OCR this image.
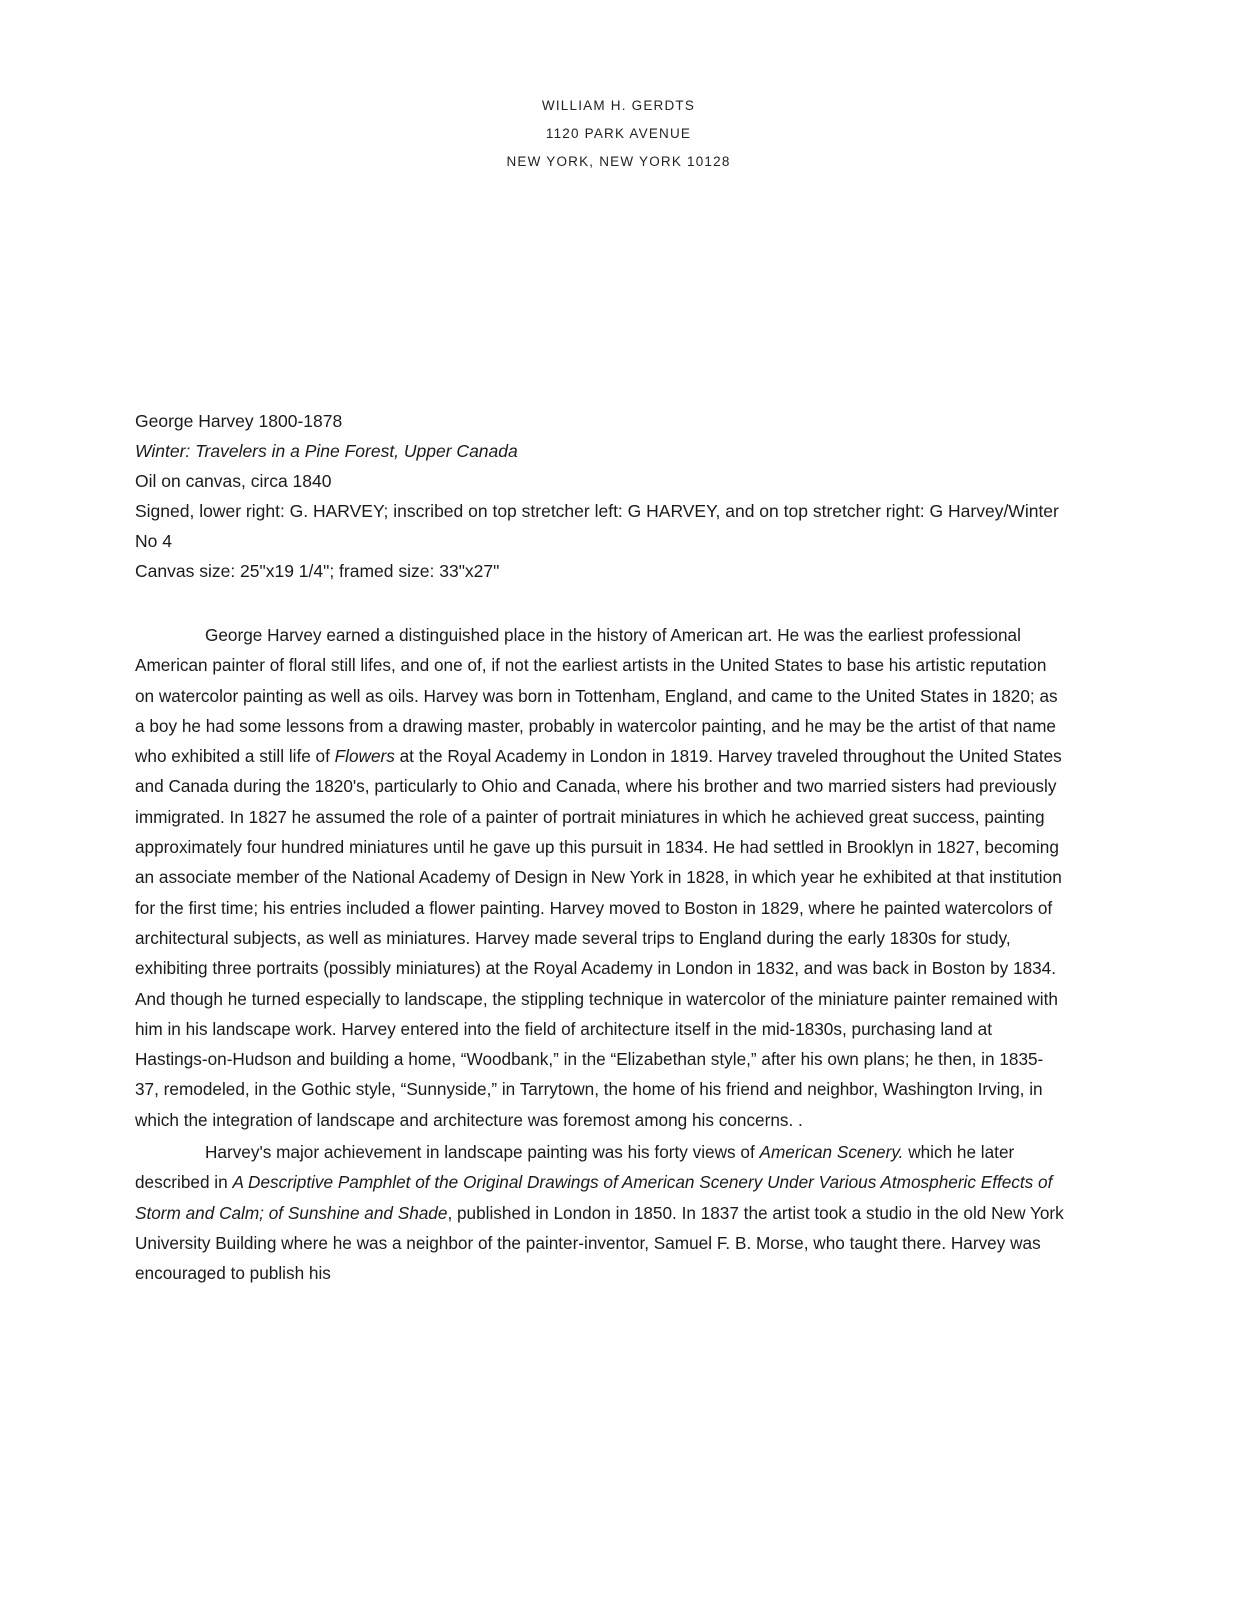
WILLIAM H. GERDTS
1120 PARK AVENUE
NEW YORK, NEW YORK 10128
George Harvey 1800-1878
Winter: Travelers in a Pine Forest, Upper Canada
Oil on canvas, circa 1840
Signed, lower right: G. HARVEY; inscribed on top stretcher left: G HARVEY, and on top stretcher right: G Harvey/Winter No 4
Canvas size: 25"x19 1/4"; framed size: 33"x27"

George Harvey earned a distinguished place in the history of American art. He was the earliest professional American painter of floral still lifes, and one of, if not the earliest artists in the United States to base his artistic reputation on watercolor painting as well as oils. Harvey was born in Tottenham, England, and came to the United States in 1820; as a boy he had some lessons from a drawing master, probably in watercolor painting, and he may be the artist of that name who exhibited a still life of Flowers at the Royal Academy in London in 1819. Harvey traveled throughout the United States and Canada during the 1820's, particularly to Ohio and Canada, where his brother and two married sisters had previously immigrated. In 1827 he assumed the role of a painter of portrait miniatures in which he achieved great success, painting approximately four hundred miniatures until he gave up this pursuit in 1834. He had settled in Brooklyn in 1827, becoming an associate member of the National Academy of Design in New York in 1828, in which year he exhibited at that institution for the first time; his entries included a flower painting. Harvey moved to Boston in 1829, where he painted watercolors of architectural subjects, as well as miniatures. Harvey made several trips to England during the early 1830s for study, exhibiting three portraits (possibly miniatures) at the Royal Academy in London in 1832, and was back in Boston by 1834. And though he turned especially to landscape, the stippling technique in watercolor of the miniature painter remained with him in his landscape work. Harvey entered into the field of architecture itself in the mid-1830s, purchasing land at Hastings-on-Hudson and building a home, “Woodbank,” in the “Elizabethan style,” after his own plans; he then, in 1835-37, remodeled, in the Gothic style, “Sunnyside,” in Tarrytown, the home of his friend and neighbor, Washington Irving, in which the integration of landscape and architecture was foremost among his concerns. .

Harvey's major achievement in landscape painting was his forty views of American Scenery. which he later described in A Descriptive Pamphlet of the Original Drawings of American Scenery Under Various Atmospheric Effects of Storm and Calm; of Sunshine and Shade, published in London in 1850. In 1837 the artist took a studio in the old New York University Building where he was a neighbor of the painter-inventor, Samuel F. B. Morse, who taught there. Harvey was encouraged to publish his
